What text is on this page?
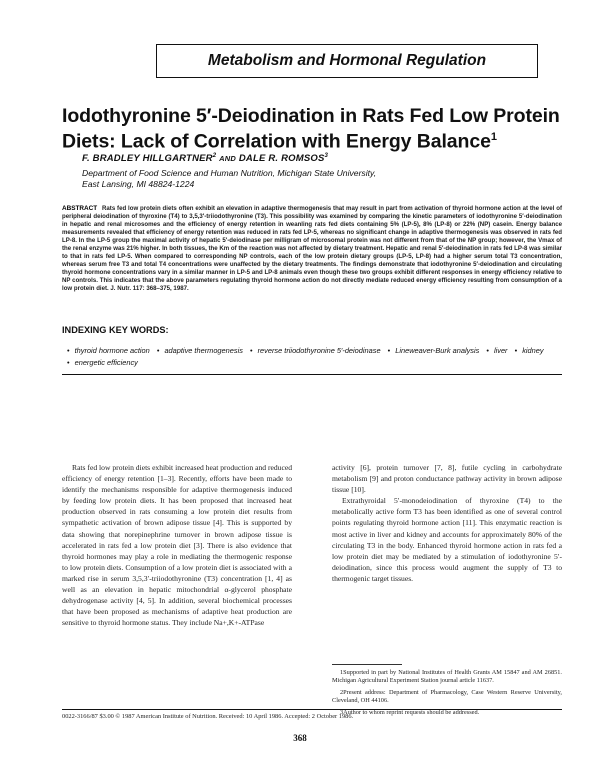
Metabolism and Hormonal Regulation
Iodothyronine 5′-Deiodination in Rats Fed Low Protein Diets: Lack of Correlation with Energy Balance$^1$
F. BRADLEY HILLGARTNER$^2$ AND DALE R. ROMSOS$^3$
Department of Food Science and Human Nutrition, Michigan State University,
East Lansing, MI 48824-1224
ABSTRACT Rats fed low protein diets often exhibit an elevation in adaptive thermogenesis that may result in part from activation of thyroid hormone action at the level of peripheral deiodination of thyroxine (T4) to 3,5,3′-triiodothyronine (T3). This possibility was examined by comparing the kinetic parameters of iodothyronine 5′-deiodination in hepatic and renal microsomes and the efficiency of energy retention in weanling rats fed diets containing 5% (LP-5), 8% (LP-8) or 22% (NP) casein. Energy balance measurements revealed that efficiency of energy retention was reduced in rats fed LP-5, whereas no significant change in adaptive thermogenesis was observed in rats fed LP-8. In the LP-5 group the maximal activity of hepatic 5′-deiodinase per milligram of microsomal protein was not different from that of the NP group; however, the Vmax of the renal enzyme was 21% higher. In both tissues, the Km of the reaction was not affected by dietary treatment. Hepatic and renal 5′-deiodination in rats fed LP-8 was similar to that in rats fed LP-5. When compared to corresponding NP controls, each of the low protein dietary groups (LP-5, LP-8) had a higher serum total T3 concentration, whereas serum free T3 and total T4 concentrations were unaffected by the dietary treatments. The findings demonstrate that iodothyronine 5′-deiodination and circulating thyroid hormone concentrations vary in a similar manner in LP-5 and LP-8 animals even though these two groups exhibit different responses in energy efficiency relative to NP controls. This indicates that the above parameters regulating thyroid hormone action do not directly mediate reduced energy efficiency resulting from consumption of a low protein diet. J. Nutr. 117: 368–375, 1987.
INDEXING KEY WORDS:
• thyroid hormone action • adaptive thermogenesis • reverse triiodothyronine 5′-deiodinase • Lineweaver-Burk analysis • liver • kidney • energetic efficiency

Rats fed low protein diets exhibit increased heat production and reduced efficiency of energy retention [1–3]. Recently, efforts have been made to identify the mechanisms responsible for adaptive thermogenesis induced by feeding low protein diets. It has been proposed that increased heat production observed in rats consuming a low protein diet results from sympathetic activation of brown adipose tissue [4]. This is supported by data showing that norepinephrine turnover in brown adipose tissue is accelerated in rats fed a low protein diet [3]. There is also evidence that thyroid hormones may play a role in mediating the thermogenic response to low protein diets. Consumption of a low protein diet is associated with a marked rise in serum 3,5,3′-triiodothyronine (T3) concentration [1, 4] as well as an elevation in hepatic mitochondrial α-glycerol phosphate dehydrogenase activity [4, 5]. In addition, several biochemical processes that have been proposed as mechanisms of adaptive heat production are sensitive to thyroid hormone status. They include Na+,K+-ATPase

activity [6], protein turnover [7, 8], futile cycling in carbohydrate metabolism [9] and proton conductance pathway activity in brown adipose tissue [10].

Extrathyroidal 5′-monodeiodination of thyroxine (T4) to the metabolically active form T3 has been identified as one of several control points regulating thyroid hormone action [11]. This enzymatic reaction is most active in liver and kidney and accounts for approximately 80% of the circulating T3 in the body. Enhanced thyroid hormone action in rats fed a low protein diet may be mediated by a stimulation of iodothyronine 5′-deiodination, since this process would augment the supply of T3 to thermogenic target tissues.

1Supported in part by National Institutes of Health Grants AM 15847 and AM 26851. Michigan Agricultural Experiment Station journal article 11637.

2Present address: Department of Pharmacology, Case Western Reserve University, Cleveland, OH 44106.

3Author to whom reprint requests should be addressed.

0022-3166/87 $3.00 © 1987 American Institute of Nutrition. Received: 10 April 1986. Accepted: 2 October 1986.
368
